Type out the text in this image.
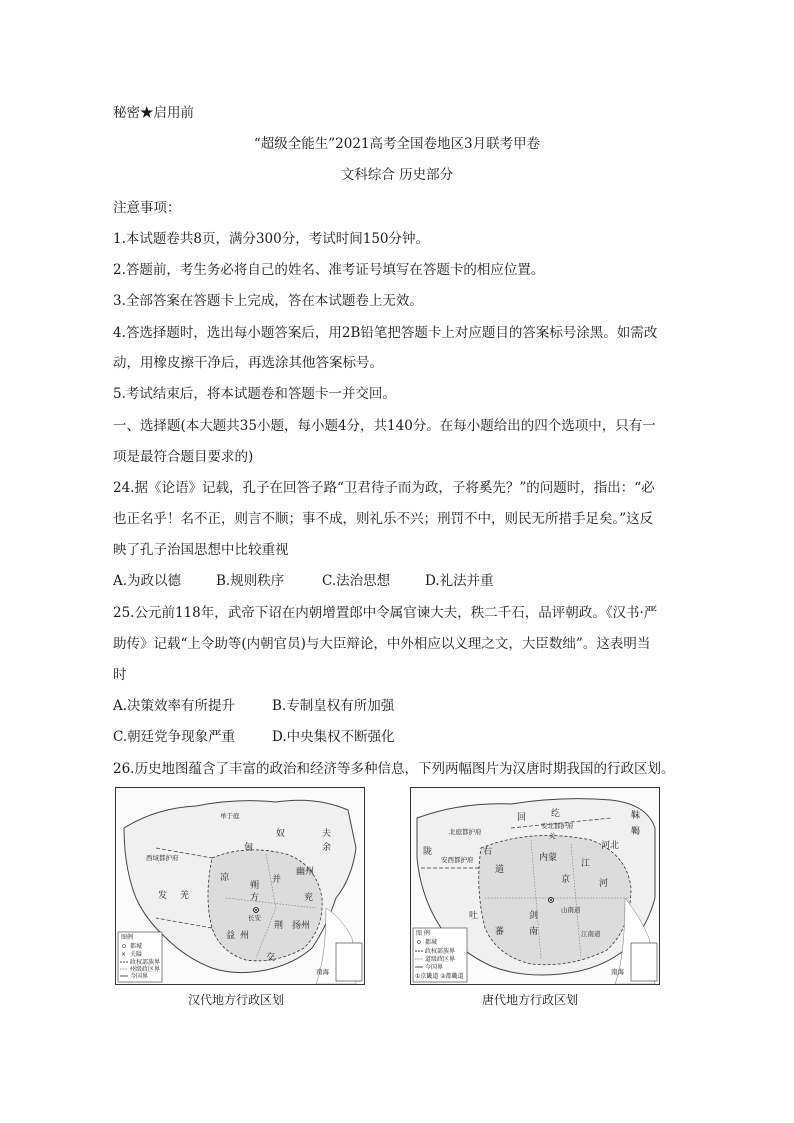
秘密★启用前
“超级全能生”2021高考全国卷地区3月联考甲卷
文科综合 历史部分
注意事项：
1.本试题卷共8页，满分300分，考试时间150分钟。
2.答题前，考生务必将自己的姓名、准考证号填写在答题卡的相应位置。
3.全部答案在答题卡上完成，答在本试题卷上无效。
4.答选择题时，选出每小题答案后，用2B铅笔把答题卡上对应题目的答案标号涂黑。如需改
动，用橡皮擦干净后，再选涂其他答案标号。
5.考试结束后，将本试题卷和答题卡一并交回。
一、选择题(本大题共35小题，每小题4分，共140分。在每小题给出的四个选项中，只有一
项是最符合题目要求的)
24.据《论语》记载，孔子在回答子路“卫君待子而为政，子将奚先？”的问题时，指出：“必
也正名乎！名不正，则言不顺；事不成，则礼乐不兴；刑罚不中，则民无所措手足矣。”这反
映了孔子治国思想中比较重视
A.为政以德	B.规则秩序	C.法治思想	D.礼法并重
25.公元前118年，武帝下诏在内朝增置郎中令属官谏大夫，秩二千石，品评朝政。《汉书·严
助传》记载“上令助等(内朝官员)与大臣辩论，中外相应以义理之文，大臣数绌”。这表明当
时
A.决策效率有所提升	B.专制皇权有所加强
C.朝廷党争现象严重	D.中央集权不断强化
26.历史地图蕴含了丰富的政治和经济等多种信息，下列两幅图片为汉唐时期我国的行政区划。
匈
奴
单于庭
西域都护府
夫
余
凉
朔
方
并
长安
幽州
兖
发 羌
益 州
荆 扬州
交
南海
图例
都城
× 关隘
政权部族界
州级政区界
今国界
汉代地方行政区划
回	纥
北庭都护府
安北都护府
关
陇	右
道
安西都护府	内蒙
京
江
吐
蕃
山南道
江南道
剑
南
靺
鞨
河北
河
南海
图 例
都城
政权部族界
道级政区界
今国界
①京畿道 ②都畿道
唐代地方行政区划
